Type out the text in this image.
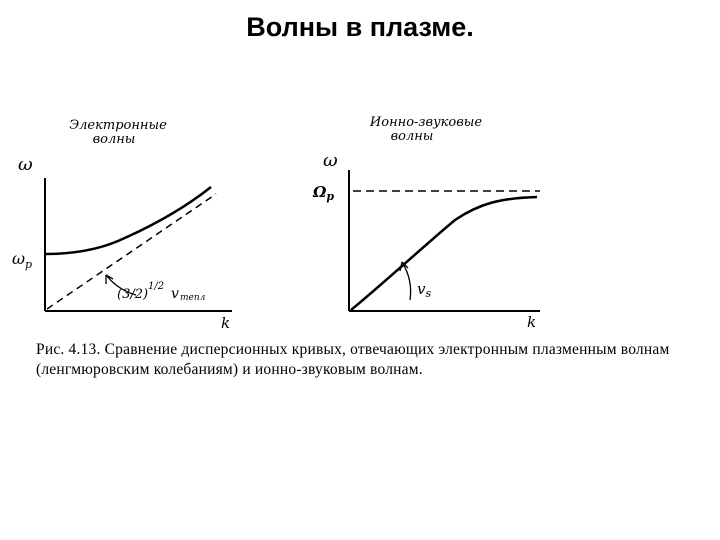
Волны в плазме.
Электронные
волны
ω
k
$\omega_p$
(3/2)
1/2 v тепл
Ионно-звуковые
волны
ω
k
$\Omega_p$
$v_s$
Рис. 4.13. Сравнение дисперсионных кривых, отвечающих электронным плазменным волнам (ленгмюровским колебаниям) и ионно-звуковым волнам.
